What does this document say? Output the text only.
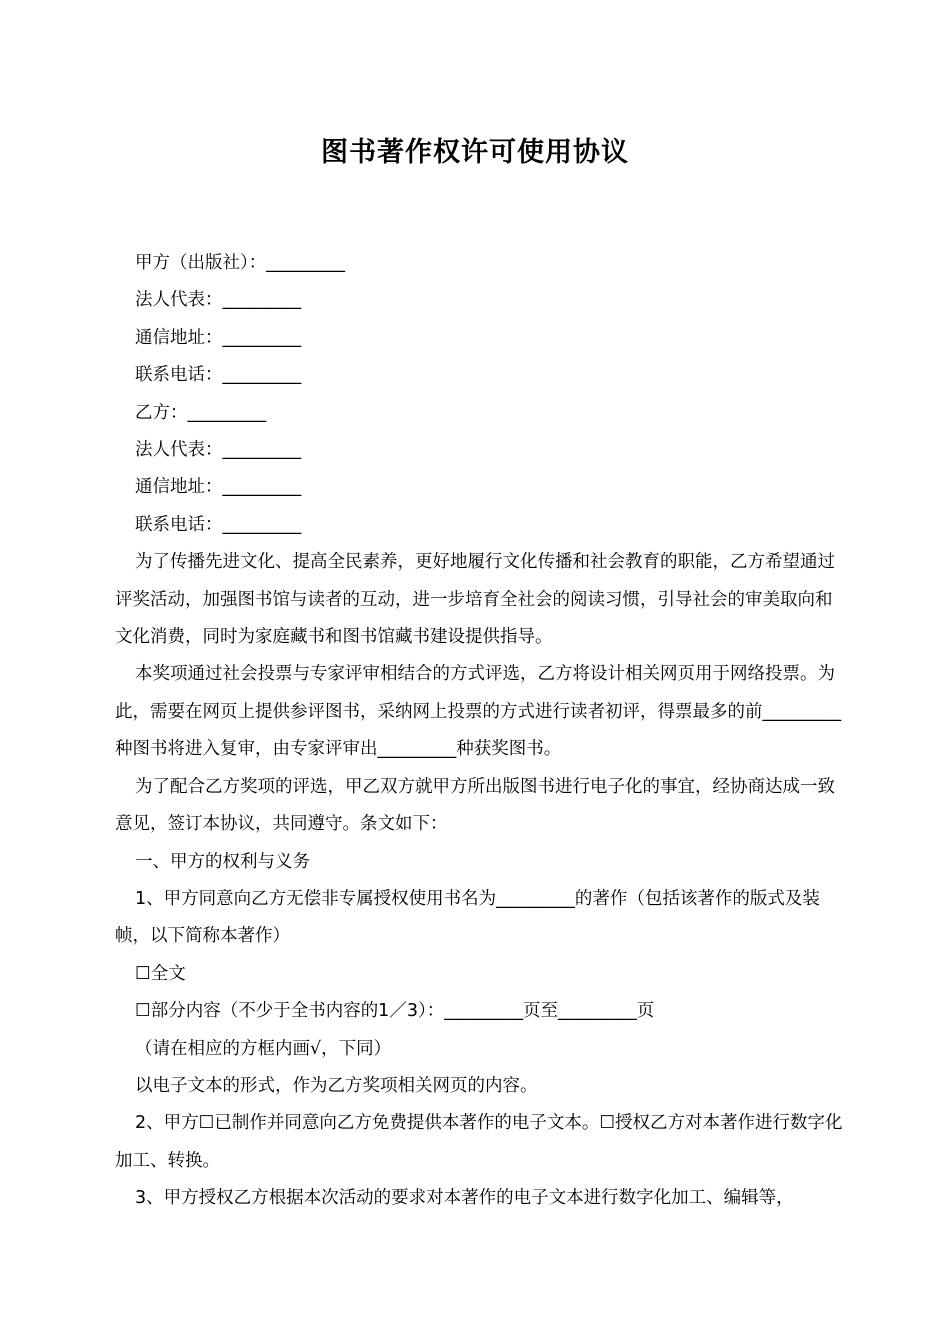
图书著作权许可使用协议

甲方（出版社）：_________

法人代表：_________

通信地址：_________

联系电话：_________

乙方：_________

法人代表：_________

通信地址：_________

联系电话：_________

为了传播先进文化、提高全民素养，更好地履行文化传播和社会教育的职能，乙方希望通过评奖活动，加强图书馆与读者的互动，进一步培育全社会的阅读习惯，引导社会的审美取向和文化消费，同时为家庭藏书和图书馆藏书建设提供指导。

本奖项通过社会投票与专家评审相结合的方式评选，乙方将设计相关网页用于网络投票。为此，需要在网页上提供参评图书，采纳网上投票的方式进行读者初评，得票最多的前_________种图书将进入复审，由专家评审出_________种获奖图书。

为了配合乙方奖项的评选，甲乙双方就甲方所出版图书进行电子化的事宜，经协商达成一致意见，签订本协议，共同遵守。条文如下：

一、甲方的权利与义务

1、甲方同意向乙方无偿非专属授权使用书名为_________的著作（包括该著作的版式及装帧，以下简称本著作）

☐全文

☐部分内容（不少于全书内容的1／3）：_________页至_________页

（请在相应的方框内画√，下同）

以电子文本的形式，作为乙方奖项相关网页的内容。

2、甲方☐已制作并同意向乙方免费提供本著作的电子文本。☐授权乙方对本著作进行数字化加工、转换。

3、甲方授权乙方根据本次活动的要求对本著作的电子文本进行数字化加工、编辑等，
